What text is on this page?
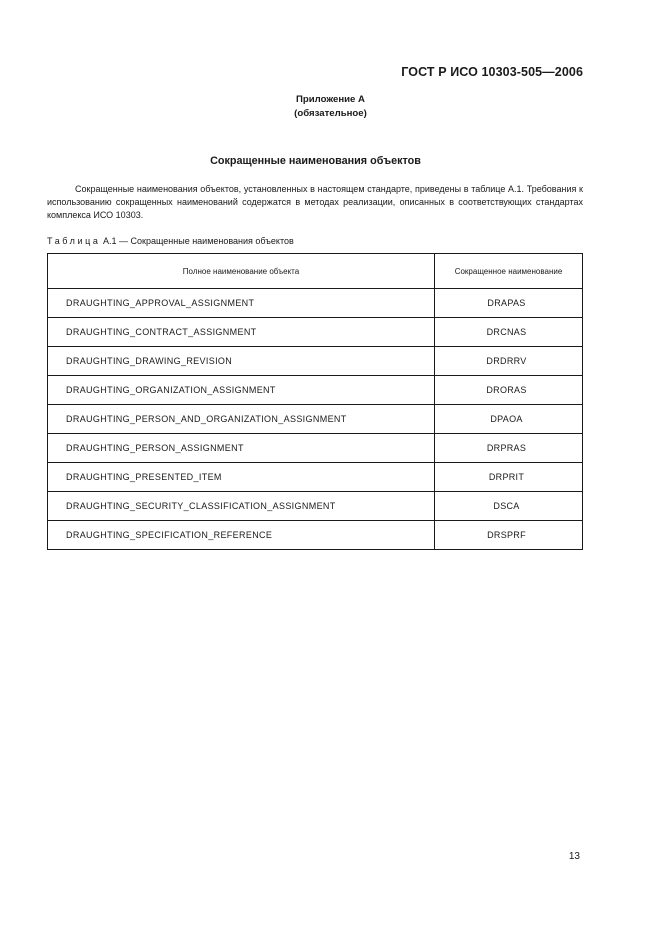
ГОСТ Р ИСО 10303-505—2006
Приложение А
(обязательное)
Сокращенные наименования объектов

Сокращенные наименования объектов, установленных в настоящем стандарте, приведены в таблице А.1. Требования к использованию сокращенных наименований содержатся в методах реализации, описанных в соответствующих стандартах комплекса ИСО 10303.

Таблица А.1 — Сокращенные наименования объектов
Полное наименование объекта	Сокращенное наименование
DRAUGHTING_APPROVAL_ASSIGNMENT	DRAPAS
DRAUGHTING_CONTRACT_ASSIGNMENT	DRCNAS
DRAUGHTING_DRAWING_REVISION	DRDRRV
DRAUGHTING_ORGANIZATION_ASSIGNMENT	DRORAS
DRAUGHTING_PERSON_AND_ORGANIZATION_ASSIGNMENT	DPAOA
DRAUGHTING_PERSON_ASSIGNMENT	DRPRAS
DRAUGHTING_PRESENTED_ITEM	DRPRIT
DRAUGHTING_SECURITY_CLASSIFICATION_ASSIGNMENT	DSCA
DRAUGHTING_SPECIFICATION_REFERENCE	DRSPRF
13
